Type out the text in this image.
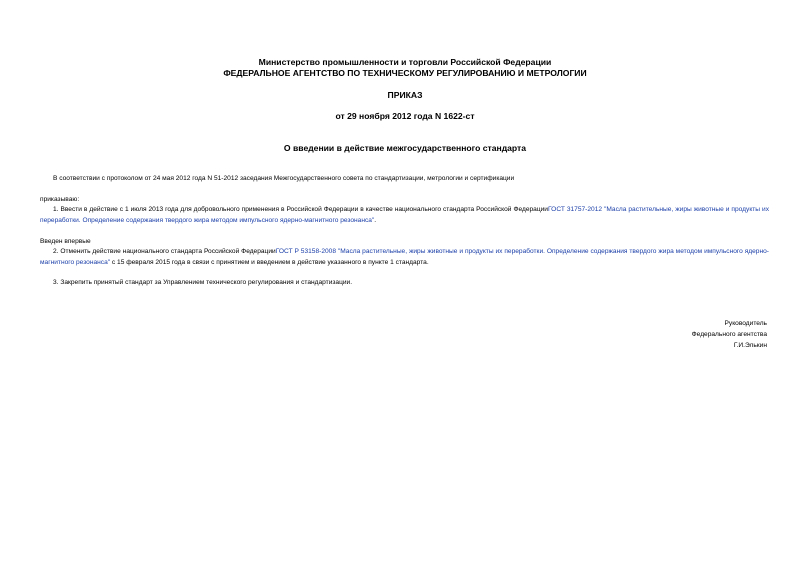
Министерство промышленности и торговли Российской Федерации
ФЕДЕРАЛЬНОЕ АГЕНТСТВО ПО ТЕХНИЧЕСКОМУ РЕГУЛИРОВАНИЮ И МЕТРОЛОГИИ
ПРИКАЗ
от 29 ноября 2012 года N 1622-ст
О введении в действие межгосударственного стандарта
В соответствии с протоколом от 24 мая 2012 года N 51-2012 заседания Межгосударственного совета по стандартизации, метрологии и сертификации
приказываю:
1. Ввести в действие с 1 июля 2013 года для добровольного применения в Российской Федерации в качестве национального стандарта Российской ФедерацииГОСТ 31757-2012 "Масла растительные, жиры животные и продукты их переработки. Определение содержания твердого жира методом импульсного ядерно-магнитного резонанса".
Введен впервые
2. Отменить действие национального стандарта Российской ФедерацииГОСТ Р 53158-2008 "Масла растительные, жиры животные и продукты их переработки. Определение содержания твердого жира методом импульсного ядерно-магнитного резонанса" с 15 февраля 2015 года в связи с принятием и введением в действие указанного в пункте 1 стандарта.
3. Закрепить принятый стандарт за Управлением технического регулирования и стандартизации.
Руководитель
Федерального агентства
Г.И.Элькин
